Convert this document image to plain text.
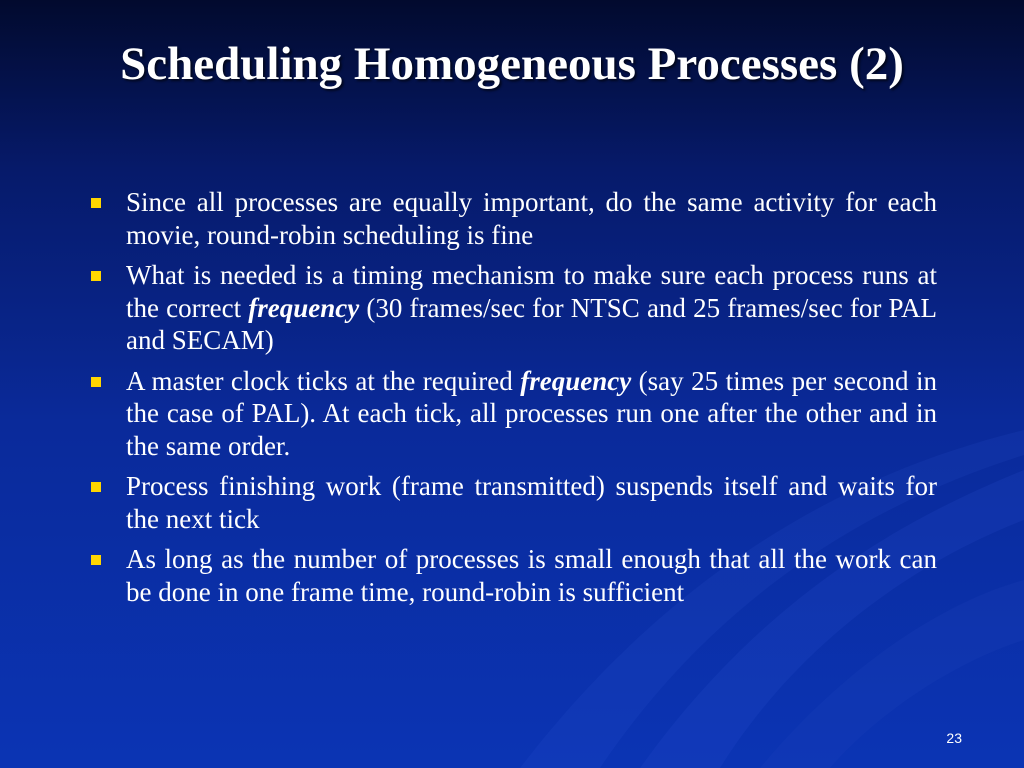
Scheduling Homogeneous Processes (2)
Since all processes are equally important, do the same activity for each movie, round-robin scheduling is fine
What is needed is a timing mechanism to make sure each process runs at the correct frequency (30 frames/sec for NTSC and 25 frames/sec for PAL and SECAM)
A master clock ticks at the required frequency (say 25 times per second in the case of PAL). At each tick, all processes run one after the other and in the same order.
Process finishing work (frame transmitted) suspends itself and waits for the next tick
As long as the number of processes is small enough that all the work can be done in one frame time, round-robin is sufficient
23
